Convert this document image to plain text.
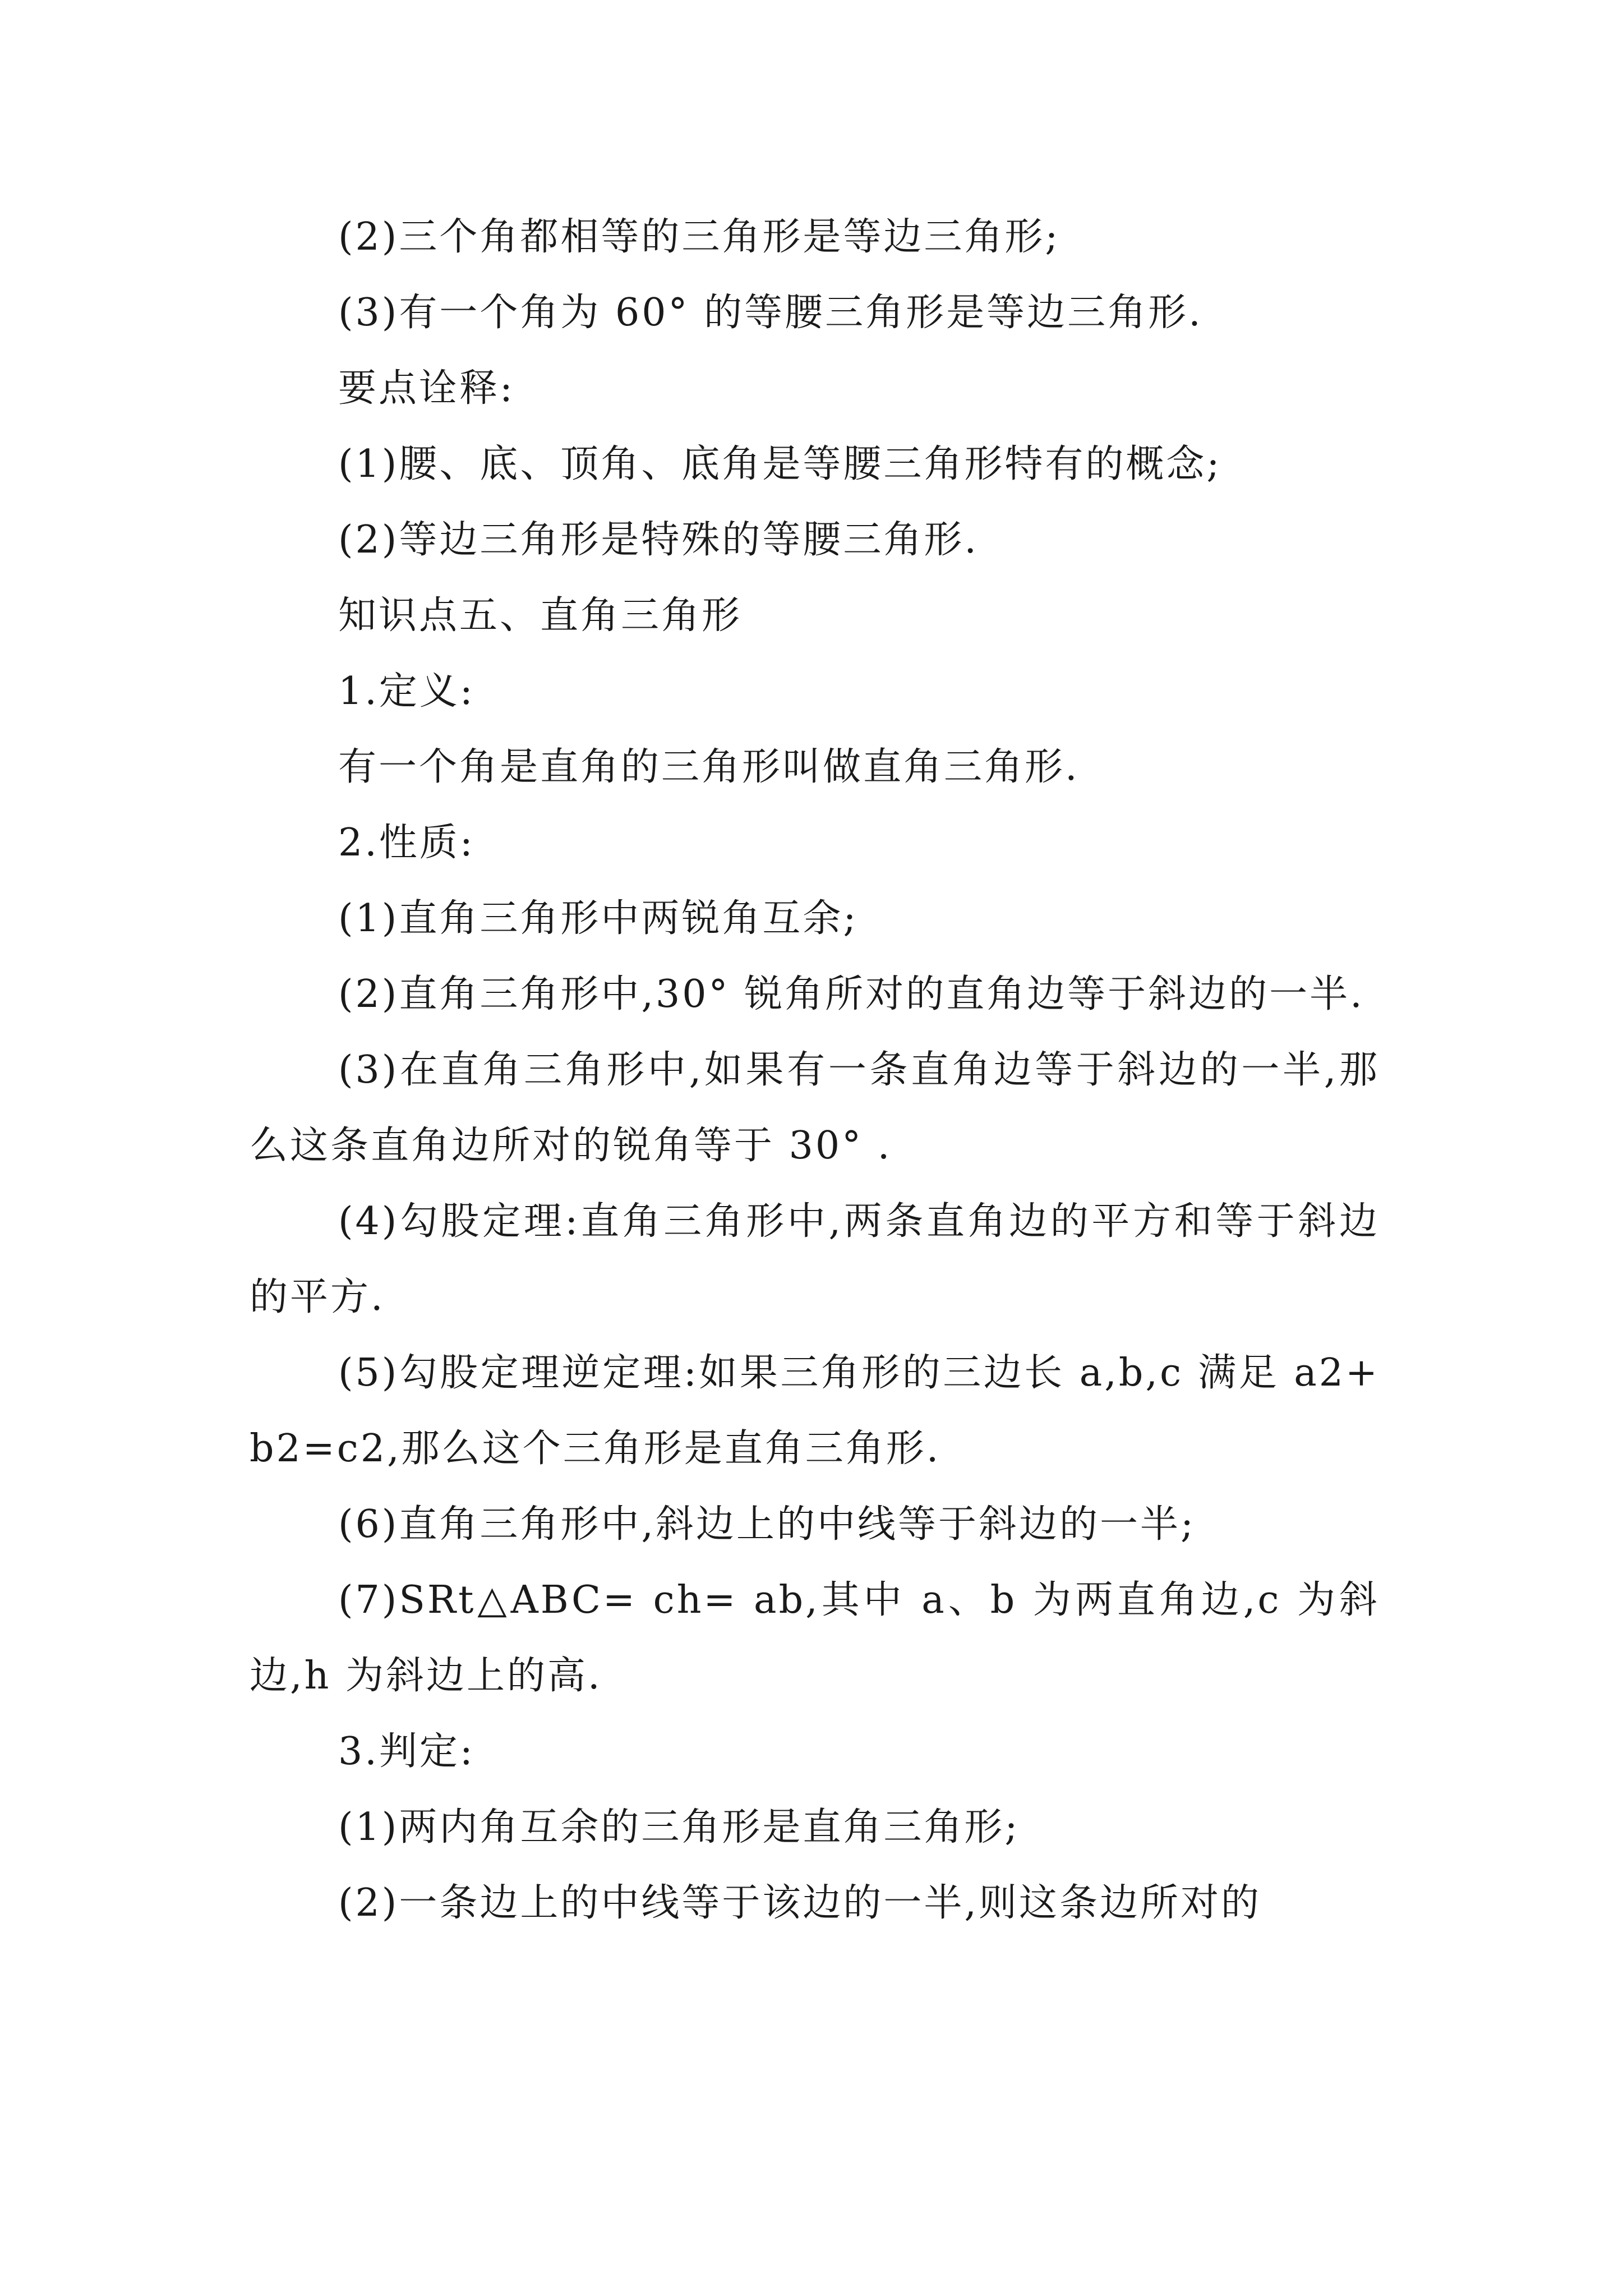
(2)三个角都相等的三角形是等边三角形;

(3)有一个角为 60° 的等腰三角形是等边三角形.

要点诠释:

(1)腰、底、顶角、底角是等腰三角形特有的概念;

(2)等边三角形是特殊的等腰三角形.

知识点五、直角三角形

1.定义:

有一个角是直角的三角形叫做直角三角形.

2.性质:

(1)直角三角形中两锐角互余;

(2)直角三角形中,30° 锐角所对的直角边等于斜边的一半.

(3)在直角三角形中,如果有一条直角边等于斜边的一半,那么这条直角边所对的锐角等于 30° .

(4)勾股定理:直角三角形中,两条直角边的平方和等于斜边的平方.

(5)勾股定理逆定理:如果三角形的三边长 a,b,c 满足 a2+b2=c2,那么这个三角形是直角三角形.

(6)直角三角形中,斜边上的中线等于斜边的一半;

(7)SRt△ABC= ch= ab,其中 a、b 为两直角边,c 为斜边,h 为斜边上的高.

3.判定:

(1)两内角互余的三角形是直角三角形;

(2)一条边上的中线等于该边的一半,则这条边所对的
